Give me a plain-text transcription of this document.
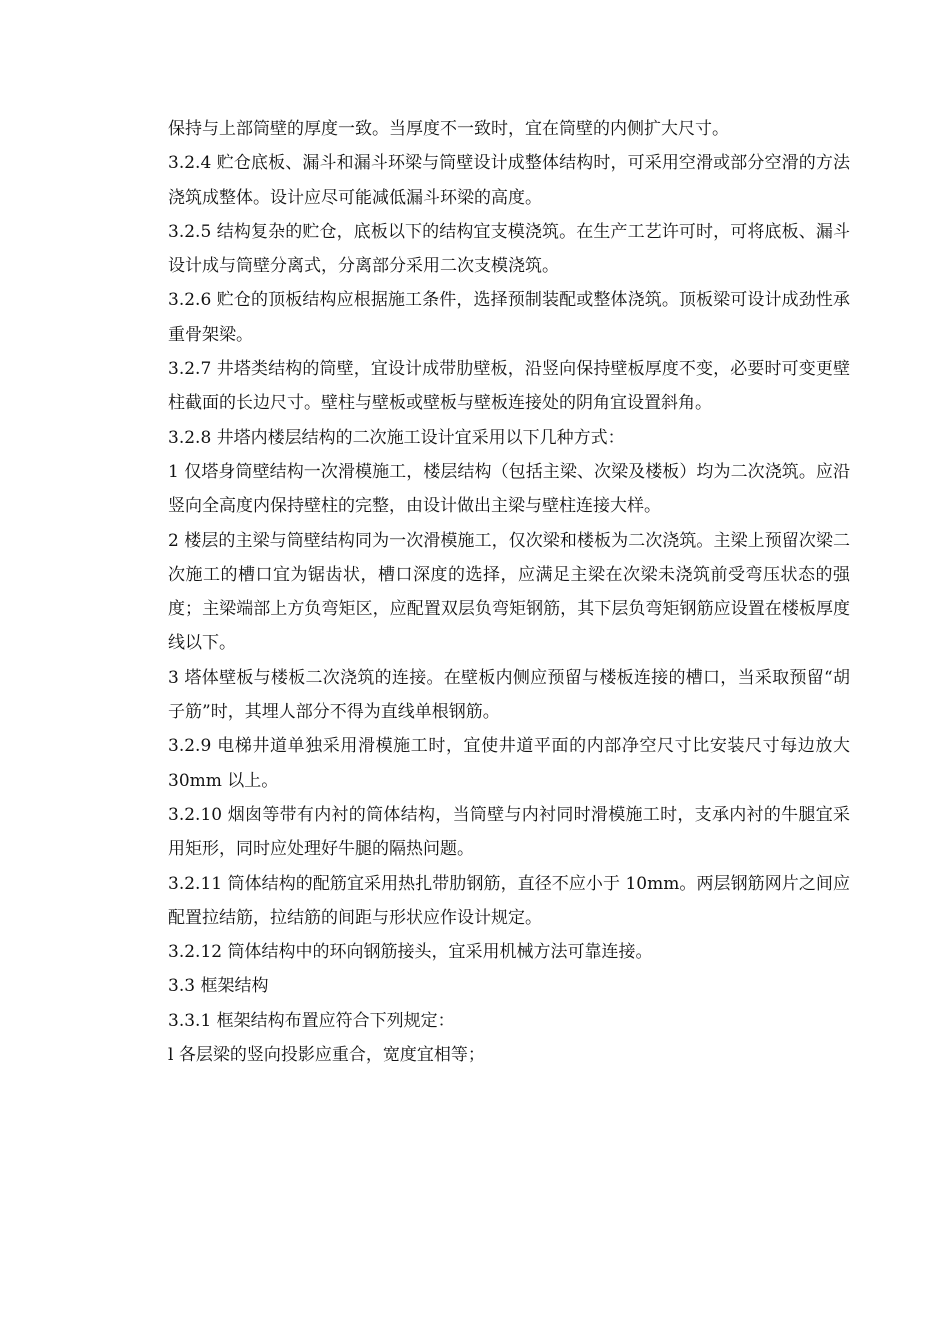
保持与上部筒壁的厚度一致。当厚度不一致时，宜在筒壁的内侧扩大尺寸。

3.2.4 贮仓底板、漏斗和漏斗环梁与筒壁设计成整体结构时，可采用空滑或部分空滑的方法浇筑成整体。设计应尽可能减低漏斗环梁的高度。

3.2.5 结构复杂的贮仓，底板以下的结构宜支模浇筑。在生产工艺许可时，可将底板、漏斗设计成与筒壁分离式，分离部分采用二次支模浇筑。

3.2.6 贮仓的顶板结构应根据施工条件，选择预制装配或整体浇筑。顶板梁可设计成劲性承重骨架梁。

3.2.7 井塔类结构的筒壁，宜设计成带肋壁板，沿竖向保持壁板厚度不变，必要时可变更壁柱截面的长边尺寸。壁柱与壁板或壁板与壁板连接处的阴角宜设置斜角。

3.2.8 井塔内楼层结构的二次施工设计宜采用以下几种方式：

1 仅塔身筒壁结构一次滑模施工，楼层结构（包括主梁、次梁及楼板）均为二次浇筑。应沿竖向全高度内保持壁柱的完整，由设计做出主梁与壁柱连接大样。

2 楼层的主梁与筒壁结构同为一次滑模施工，仅次梁和楼板为二次浇筑。主梁上预留次梁二次施工的槽口宜为锯齿状，槽口深度的选择，应满足主梁在次梁未浇筑前受弯压状态的强度；主梁端部上方负弯矩区，应配置双层负弯矩钢筋，其下层负弯矩钢筋应设置在楼板厚度线以下。

3 塔体壁板与楼板二次浇筑的连接。在壁板内侧应预留与楼板连接的槽口，当采取预留“胡子筋”时，其埋人部分不得为直线单根钢筋。

3.2.9 电梯井道单独采用滑模施工时，宜使井道平面的内部净空尺寸比安装尺寸每边放大 30mm 以上。

3.2.10 烟囱等带有内衬的筒体结构，当筒壁与内衬同时滑模施工时，支承内衬的牛腿宜采用矩形，同时应处理好牛腿的隔热问题。

3.2.11 筒体结构的配筋宜采用热扎带肋钢筋，直径不应小于 10mm。两层钢筋网片之间应配置拉结筋，拉结筋的间距与形状应作设计规定。

3.2.12 筒体结构中的环向钢筋接头，宜采用机械方法可靠连接。

3.3 框架结构

3.3.1 框架结构布置应符合下列规定：

l 各层梁的竖向投影应重合，宽度宜相等；
